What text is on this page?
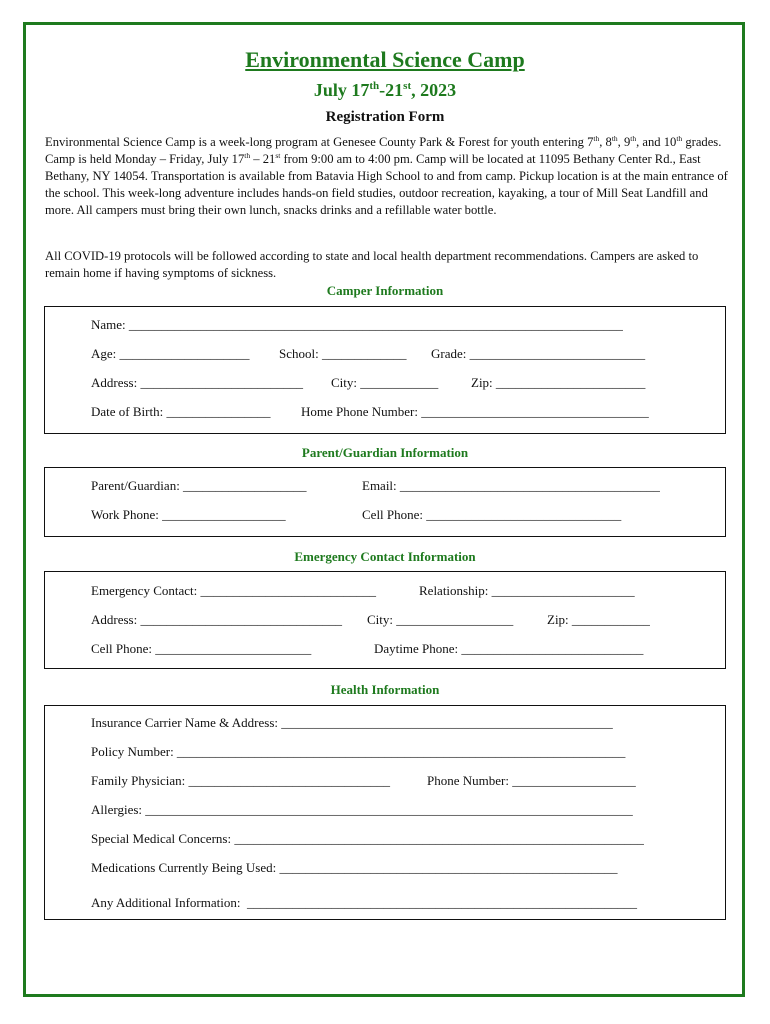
Environmental Science Camp
July 17th-21st, 2023
Registration Form
Environmental Science Camp is a week-long program at Genesee County Park & Forest for youth entering 7th, 8th, 9th, and 10th grades. Camp is held Monday – Friday, July 17th – 21st from 9:00 am to 4:00 pm. Camp will be located at 11095 Bethany Center Rd., East Bethany, NY 14054. Transportation is available from Batavia High School to and from camp. Pickup location is at the main entrance of the school. This week-long adventure includes hands-on field studies, outdoor recreation, kayaking, a tour of Mill Seat Landfill and more. All campers must bring their own lunch, snacks drinks and a refillable water bottle.
All COVID-19 protocols will be followed according to state and local health department recommendations. Campers are asked to remain home if having symptoms of sickness.
Camper Information
Name: ____________________________________________________________________________
Age: ____________________ School: _____________ Grade: ___________________________
Address: _________________________ City: ____________	Zip: _______________________
Date of Birth: ________________ Home Phone Number: ___________________________________
Parent/Guardian Information
Parent/Guardian: ___________________	Email: ________________________________________
Work Phone: ___________________	Cell Phone: ______________________________
Emergency Contact Information
Emergency Contact: ___________________________	Relationship: ______________________
Address: _______________________________ City: __________________	Zip: ____________
Cell Phone: ________________________	Daytime Phone: ____________________________
Health Information
Insurance Carrier Name & Address: ___________________________________________________
Policy Number: _____________________________________________________________________
Family Physician: _______________________________	Phone Number: ___________________
Allergies: ___________________________________________________________________________
Special Medical Concerns: _______________________________________________________________
Medications Currently Being Used: ____________________________________________________
Any Additional Information:  ____________________________________________________________
